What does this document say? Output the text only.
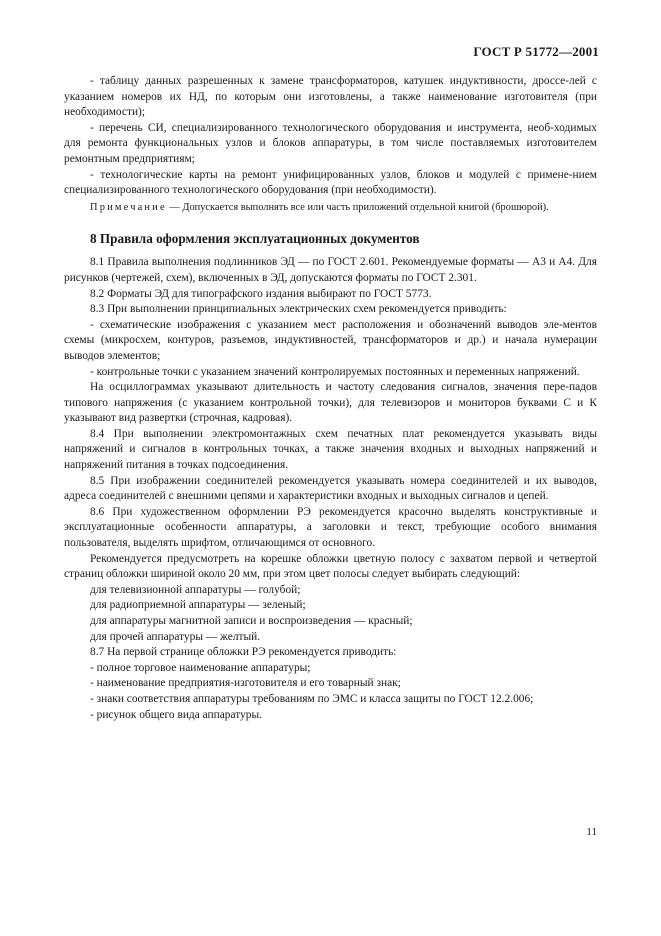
ГОСТ Р 51772—2001

- таблицу данных разрешенных к замене трансформаторов, катушек индуктивности, дроссе-лей с указанием номеров их НД, по которым они изготовлены, а также наименование изготовителя (при необходимости);

- перечень СИ, специализированного технологического оборудования и инструмента, необ-ходимых для ремонта функциональных узлов и блоков аппаратуры, в том числе поставляемых изготовителем ремонтным предприятиям;

- технологические карты на ремонт унифицированных узлов, блоков и модулей с примене-нием специализированного технологического оборудования (при необходимости).

Примечание — Допускается выполнять все или часть приложений отдельной книгой (брошюрой).

8 Правила оформления эксплуатационных документов

8.1 Правила выполнения подлинников ЭД — по ГОСТ 2.601. Рекомендуемые форматы — А3 и А4. Для рисунков (чертежей, схем), включенных в ЭД, допускаются форматы по ГОСТ 2.301.

8.2 Форматы ЭД для типографского издания выбирают по ГОСТ 5773.

8.3 При выполнении принципиальных электрических схем рекомендуется приводить:

- схематические изображения с указанием мест расположения и обозначений выводов эле-ментов схемы (микросхем, контуров, разъемов, индуктивностей, трансформаторов и др.) и начала нумерации выводов элементов;

- контрольные точки с указанием значений контролируемых постоянных и переменных напряжений.

На осциллограммах указывают длительность и частоту следования сигналов, значения пере-падов типового напряжения (с указанием контрольной точки), для телевизоров и мониторов буквами С и К указывают вид развертки (строчная, кадровая).

8.4 При выполнении электромонтажных схем печатных плат рекомендуется указывать виды напряжений и сигналов в контрольных точках, а также значения входных и выходных напряжений и напряжений питания в точках подсоединения.

8.5 При изображении соединителей рекомендуется указывать номера соединителей и их выводов, адреса соединителей с внешними цепями и характеристики входных и выходных сигналов и цепей.

8.6 При художественном оформлении РЭ рекомендуется красочно выделять конструктивные и эксплуатационные особенности аппаратуры, а заголовки и текст, требующие особого внимания пользователя, выделять шрифтом, отличающимся от основного.

Рекомендуется предусмотреть на корешке обложки цветную полосу с захватом первой и четвертой страниц обложки шириной около 20 мм, при этом цвет полосы следует выбирать следующий:

для телевизионной аппаратуры — голубой;

для радиоприемной аппаратуры — зеленый;

для аппаратуры магнитной записи и воспроизведения — красный;

для прочей аппаратуры — желтый.

8.7 На первой странице обложки РЭ рекомендуется приводить:

- полное торговое наименование аппаратуры;

- наименование предприятия-изготовителя и его товарный знак;

- знаки соответствия аппаратуры требованиям по ЭМС и класса защиты по ГОСТ 12.2.006;

- рисунок общего вида аппаратуры.

11
